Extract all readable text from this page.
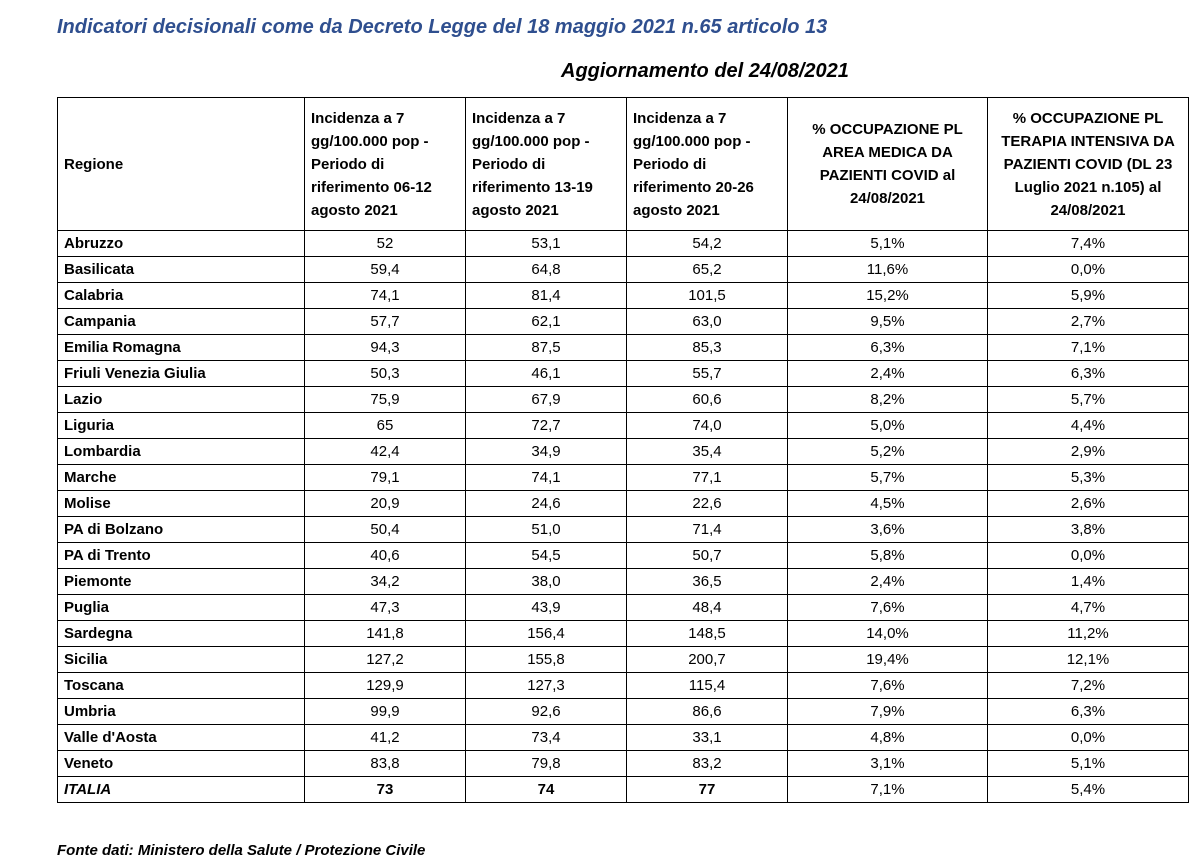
Indicatori decisionali come da Decreto Legge del 18 maggio 2021 n.65 articolo 13
Aggiornamento del 24/08/2021
Regione	Incidenza a 7 gg/100.000 pop - Periodo di riferimento 06-12 agosto 2021	Incidenza a 7 gg/100.000 pop - Periodo di riferimento 13-19 agosto 2021	Incidenza a 7 gg/100.000 pop - Periodo di riferimento 20-26 agosto 2021	% OCCUPAZIONE PL AREA MEDICA DA PAZIENTI COVID al 24/08/2021	% OCCUPAZIONE PL TERAPIA INTENSIVA DA PAZIENTI COVID (DL 23 Luglio 2021 n.105) al 24/08/2021
Abruzzo	52	53,1	54,2	5,1%	7,4%
Basilicata	59,4	64,8	65,2	11,6%	0,0%
Calabria	74,1	81,4	101,5	15,2%	5,9%
Campania	57,7	62,1	63,0	9,5%	2,7%
Emilia Romagna	94,3	87,5	85,3	6,3%	7,1%
Friuli Venezia Giulia	50,3	46,1	55,7	2,4%	6,3%
Lazio	75,9	67,9	60,6	8,2%	5,7%
Liguria	65	72,7	74,0	5,0%	4,4%
Lombardia	42,4	34,9	35,4	5,2%	2,9%
Marche	79,1	74,1	77,1	5,7%	5,3%
Molise	20,9	24,6	22,6	4,5%	2,6%
PA di Bolzano	50,4	51,0	71,4	3,6%	3,8%
PA di Trento	40,6	54,5	50,7	5,8%	0,0%
Piemonte	34,2	38,0	36,5	2,4%	1,4%
Puglia	47,3	43,9	48,4	7,6%	4,7%
Sardegna	141,8	156,4	148,5	14,0%	11,2%
Sicilia	127,2	155,8	200,7	19,4%	12,1%
Toscana	129,9	127,3	115,4	7,6%	7,2%
Umbria	99,9	92,6	86,6	7,9%	6,3%
Valle d'Aosta	41,2	73,4	33,1	4,8%	0,0%
Veneto	83,8	79,8	83,2	3,1%	5,1%
ITALIA	73	74	77	7,1%	5,4%
Fonte dati: Ministero della Salute / Protezione Civile
